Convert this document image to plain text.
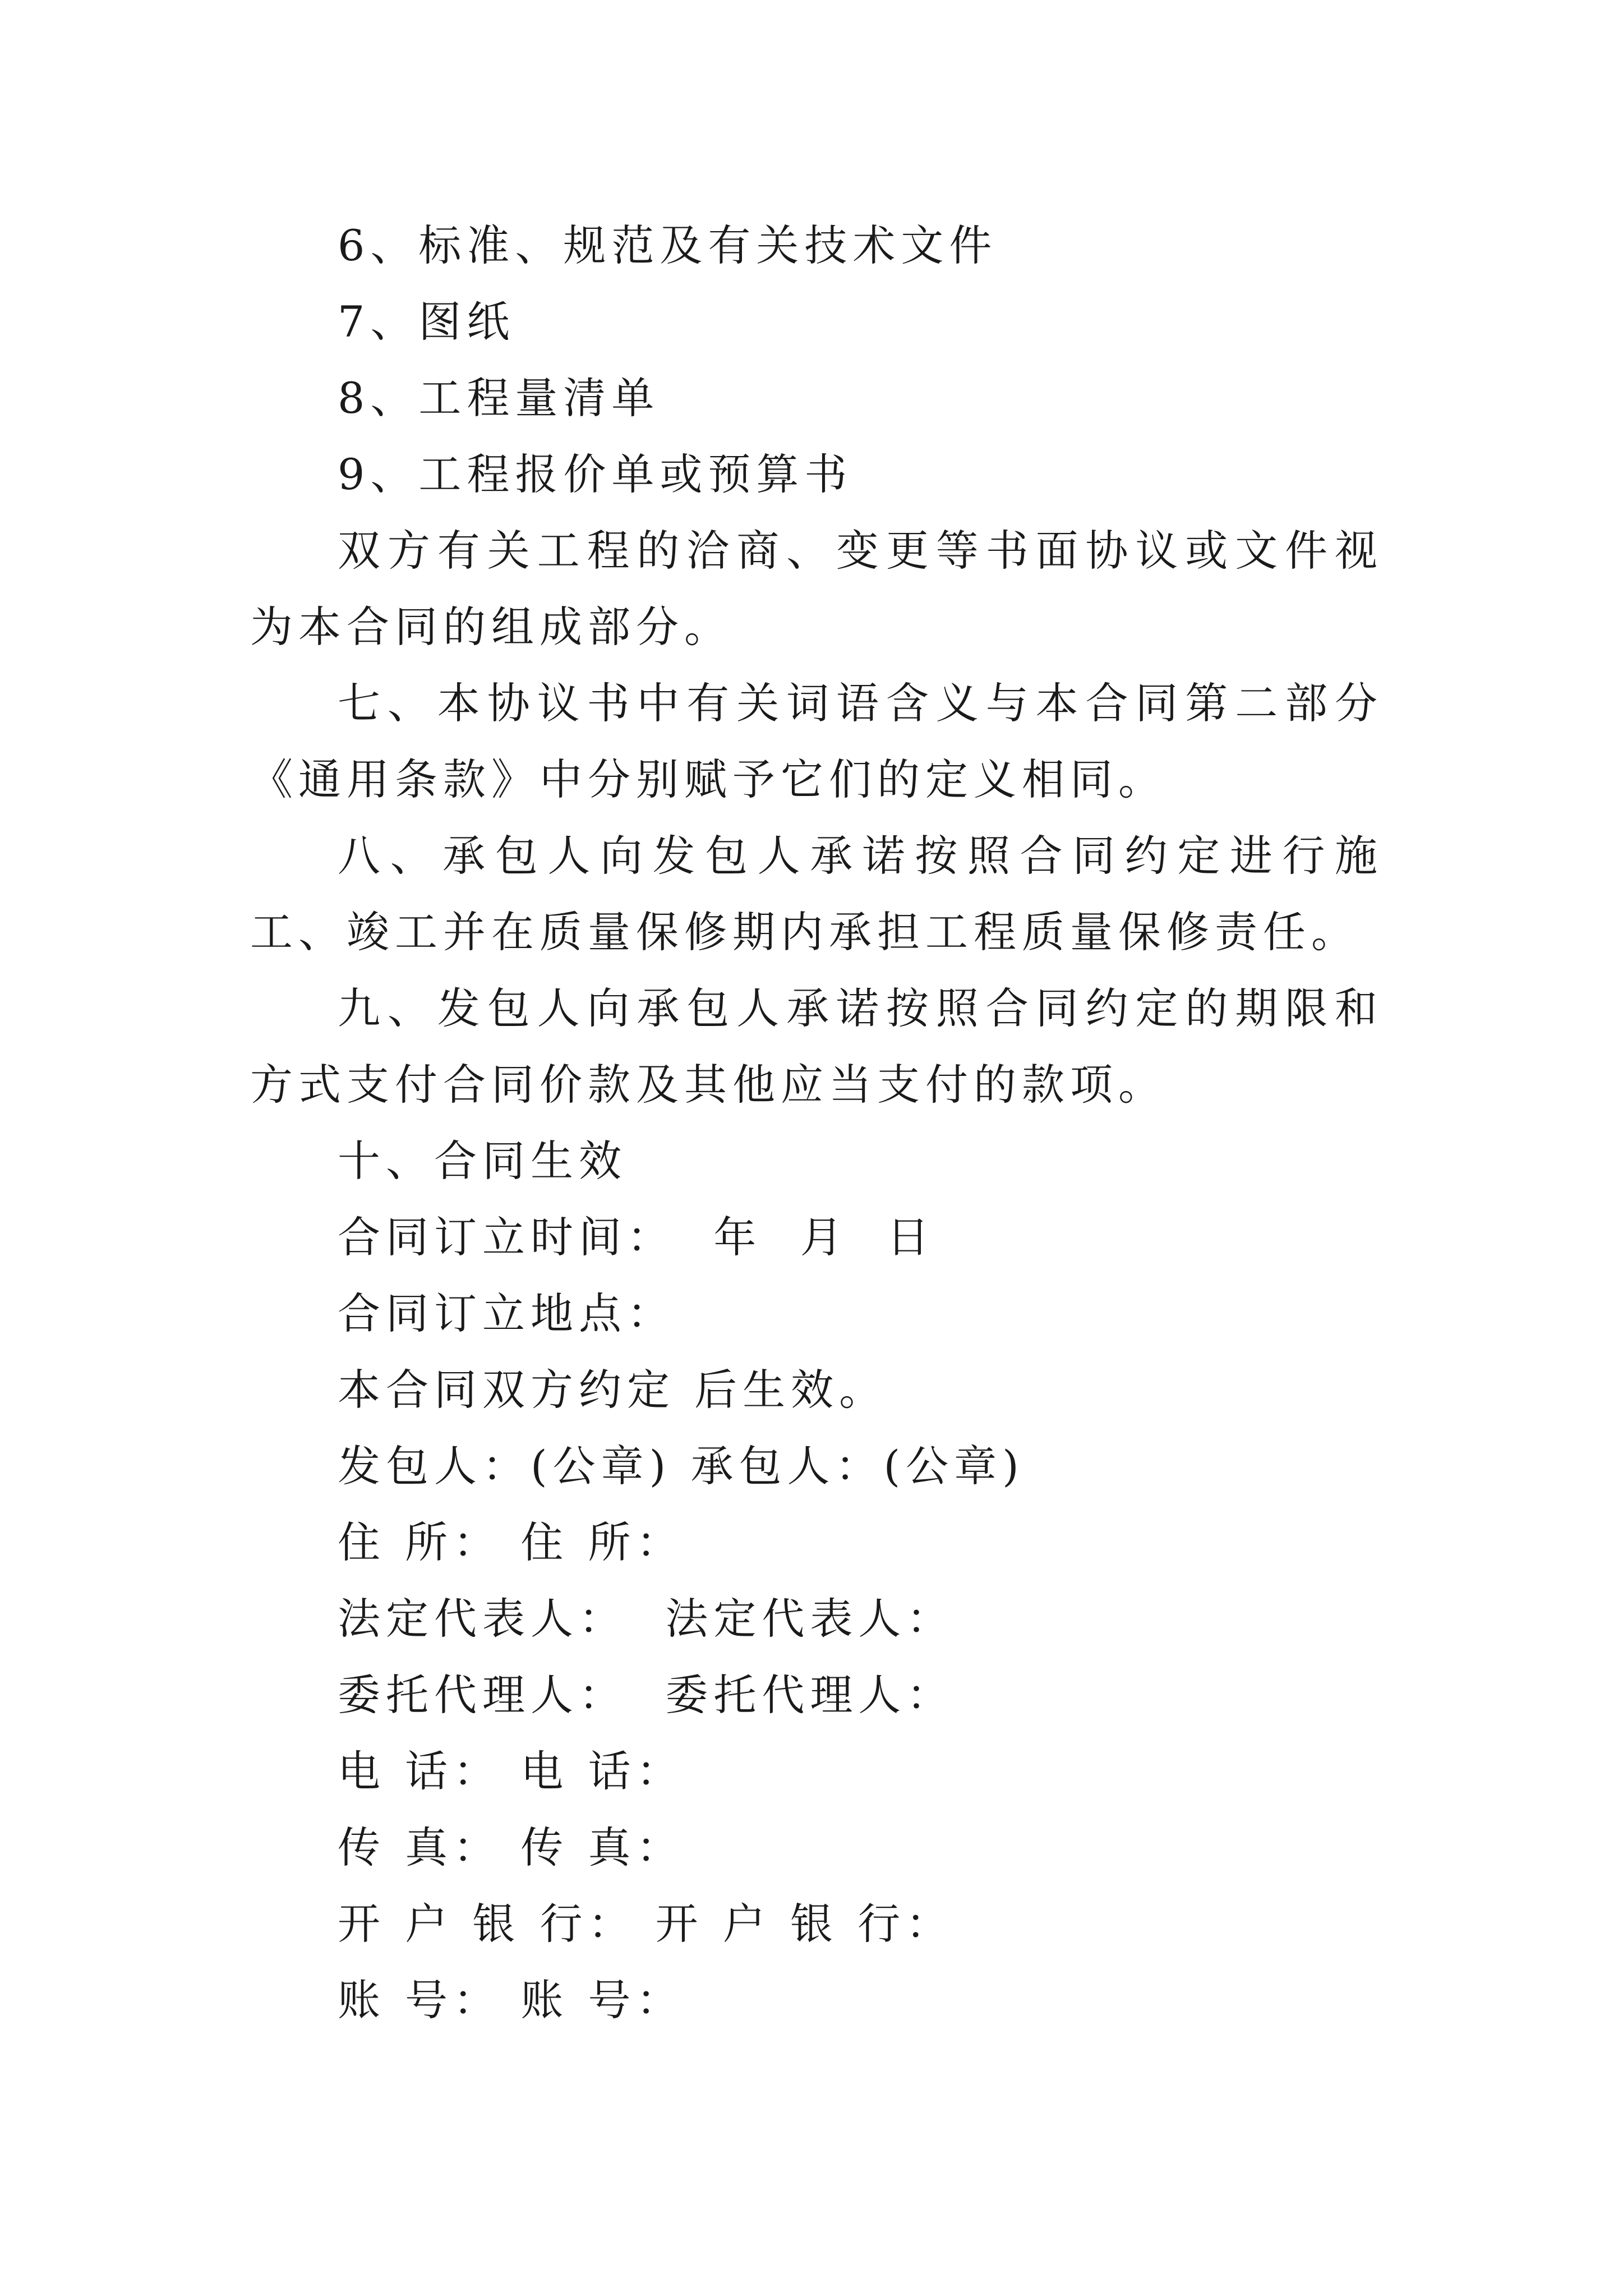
6、标准、规范及有关技术文件

7、图纸

8、工程量清单

9、工程报价单或预算书

双方有关工程的洽商、变更等书面协议或文件视为本合同的组成部分。

七、本协议书中有关词语含义与本合同第二部分《通用条款》中分别赋予它们的定义相同。

八、承包人向发包人承诺按照合同约定进行施工、竣工并在质量保修期内承担工程质量保修责任。

九、发包人向承包人承诺按照合同约定的期限和方式支付合同价款及其他应当支付的款项。

十、合同生效

合同订立时间：  年  月  日

合同订立地点：

本合同双方约定 后生效。

发包人：(公章) 承包人：(公章)

住 所： 住 所：

法定代表人：  法定代表人：

委托代理人：  委托代理人：

电 话： 电 话：

传 真： 传 真：

开 户 银 行： 开 户 银 行：

账 号： 账 号：
